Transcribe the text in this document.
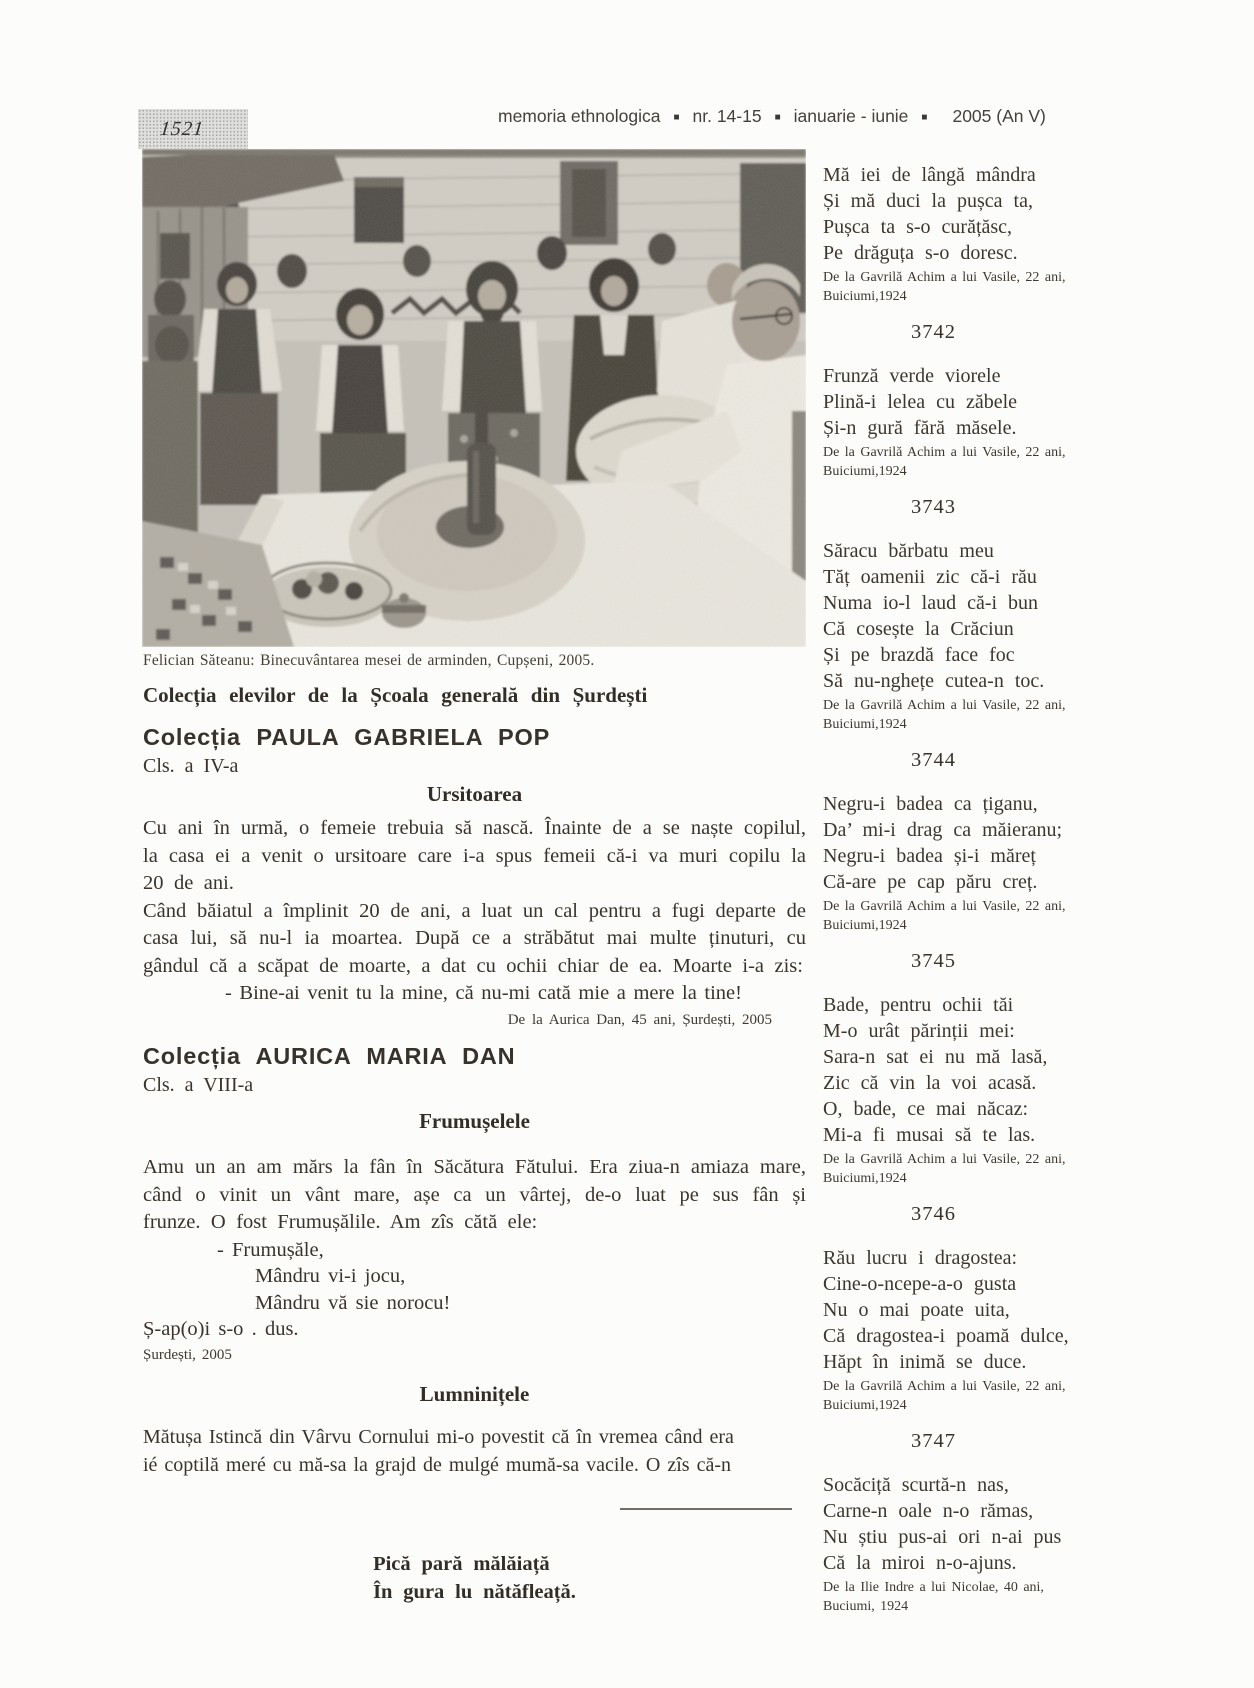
1521
memoria ethnologica ■ nr. 14-15 ■ ianuarie - iunie ■ 2005 (An V)
Felician Săteanu: Binecuvântarea mesei de arminden, Cupșeni, 2005.
Colecția elevilor de la Școala generală din Șurdești
Colecția PAULA GABRIELA POP
Cls. a IV-a
Ursitoarea

Cu ani în urmă, o femeie trebuia să nască. Înainte de a se naște copilul, la casa ei a venit o ursitoare care i-a spus femeii că-i va muri copilu la 20 de ani.

Când băiatul a împlinit 20 de ani, a luat un cal pentru a fugi departe de casa lui, să nu-l ia moartea. După ce a străbătut mai multe ținuturi, cu gândul că a scăpat de moarte, a dat cu ochii chiar de ea. Moarte i-a zis:

- Bine-ai venit tu la mine, că nu-mi cată mie a mere la tine!
De la Aurica Dan, 45 ani, Șurdești, 2005
Colecția AURICA MARIA DAN
Cls. a VIII-a
Frumușelele

Amu un an am mărs la fân în Săcătura Fătului. Era ziua-n amiaza mare, când o vinit un vânt mare, așe ca un vârtej, de-o luat pe sus fân și frunze. O fost Frumușălile. Am zîs cătă ele:

- Frumușăle,
Mândru vi-i jocu,
Mândru vă sie norocu!
Ș-ap(o)i s-o . dus.
Șurdești, 2005
Lumninițele
Mătușa Istincă din Vârvu Cornului mi-o povestit că în vremea când era
ié coptilă meré cu mă-sa la grajd de mulgé mumă-sa vacile. O zîs că-n
Pică pară mălăiață
În gura lu nătăfleață.
Mă iei de lângă mândra
Și mă duci la pușca ta,
Pușca ta s-o curățăsc,
Pe drăguța s-o doresc.
De la Gavrilă Achim a lui Vasile, 22 ani,
Buiciumi,1924
3742
Frunză verde viorele
Plină-i lelea cu zăbele
Și-n gură fără măsele.
De la Gavrilă Achim a lui Vasile, 22 ani,
Buiciumi,1924
3743
Săracu bărbatu meu
Tăț oamenii zic că-i rău
Numa io-l laud că-i bun
Că cosește la Crăciun
Și pe brazdă face foc
Să nu-nghețe cutea-n toc.
De la Gavrilă Achim a lui Vasile, 22 ani,
Buiciumi,1924
3744
Negru-i badea ca țiganu,
Da’ mi-i drag ca măieranu;
Negru-i badea și-i măreț
Că-are pe cap păru creț.
De la Gavrilă Achim a lui Vasile, 22 ani,
Buiciumi,1924
3745
Bade, pentru ochii tăi
M-o urât părinții mei:
Sara-n sat ei nu mă lasă,
Zic că vin la voi acasă.
O, bade, ce mai năcaz:
Mi-a fi musai să te las.
De la Gavrilă Achim a lui Vasile, 22 ani,
Buiciumi,1924
3746
Rău lucru i dragostea:
Cine-o-ncepe-a-o gusta
Nu o mai poate uita,
Că dragostea-i poamă dulce,
Hăpt în inimă se duce.
De la Gavrilă Achim a lui Vasile, 22 ani,
Buiciumi,1924
3747
Socăciță scurtă-n nas,
Carne-n oale n-o rămas,
Nu știu pus-ai ori n-ai pus
Că la miroi n-o-ajuns.
De la Ilie Indre a lui Nicolae, 40 ani,
Buciumi, 1924
